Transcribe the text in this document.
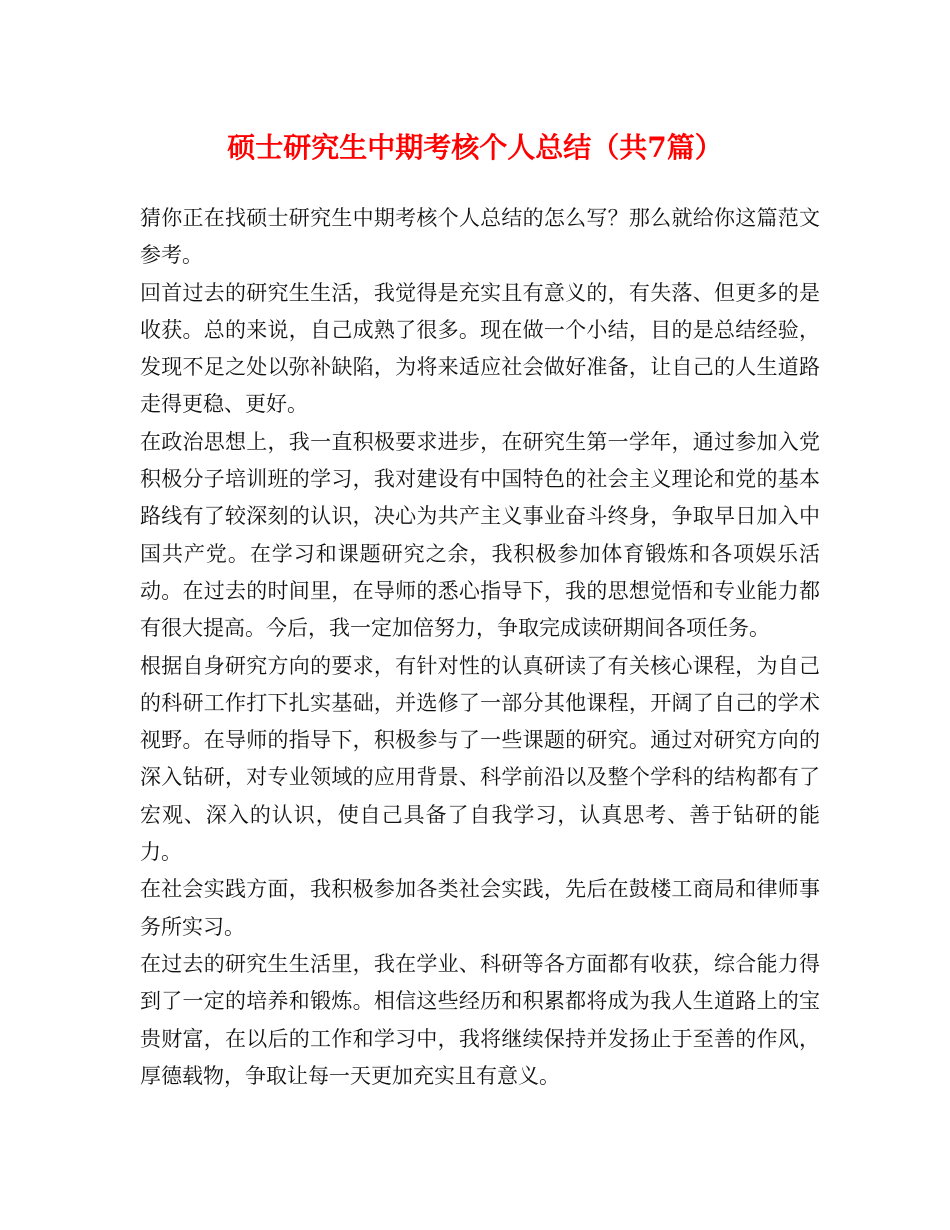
硕士研究生中期考核个人总结（共7篇）

猜你正在找硕士研究生中期考核个人总结的怎么写？那么就给你这篇范文参考。

回首过去的研究生生活，我觉得是充实且有意义的，有失落、但更多的是收获。总的来说，自己成熟了很多。现在做一个小结，目的是总结经验，发现不足之处以弥补缺陷，为将来适应社会做好准备，让自己的人生道路走得更稳、更好。

在政治思想上，我一直积极要求进步，在研究生第一学年，通过参加入党积极分子培训班的学习，我对建设有中国特色的社会主义理论和党的基本路线有了较深刻的认识，决心为共产主义事业奋斗终身，争取早日加入中国共产党。在学习和课题研究之余，我积极参加体育锻炼和各项娱乐活动。在过去的时间里，在导师的悉心指导下，我的思想觉悟和专业能力都有很大提高。今后，我一定加倍努力，争取完成读研期间各项任务。

根据自身研究方向的要求，有针对性的认真研读了有关核心课程，为自己的科研工作打下扎实基础，并选修了一部分其他课程，开阔了自己的学术视野。在导师的指导下，积极参与了一些课题的研究。通过对研究方向的深入钻研，对专业领域的应用背景、科学前沿以及整个学科的结构都有了宏观、深入的认识，使自己具备了自我学习，认真思考、善于钻研的能力。

在社会实践方面，我积极参加各类社会实践，先后在鼓楼工商局和律师事务所实习。

在过去的研究生生活里，我在学业、科研等各方面都有收获，综合能力得到了一定的培养和锻炼。相信这些经历和积累都将成为我人生道路上的宝贵财富，在以后的工作和学习中，我将继续保持并发扬止于至善的作风，厚德载物，争取让每一天更加充实且有意义。
